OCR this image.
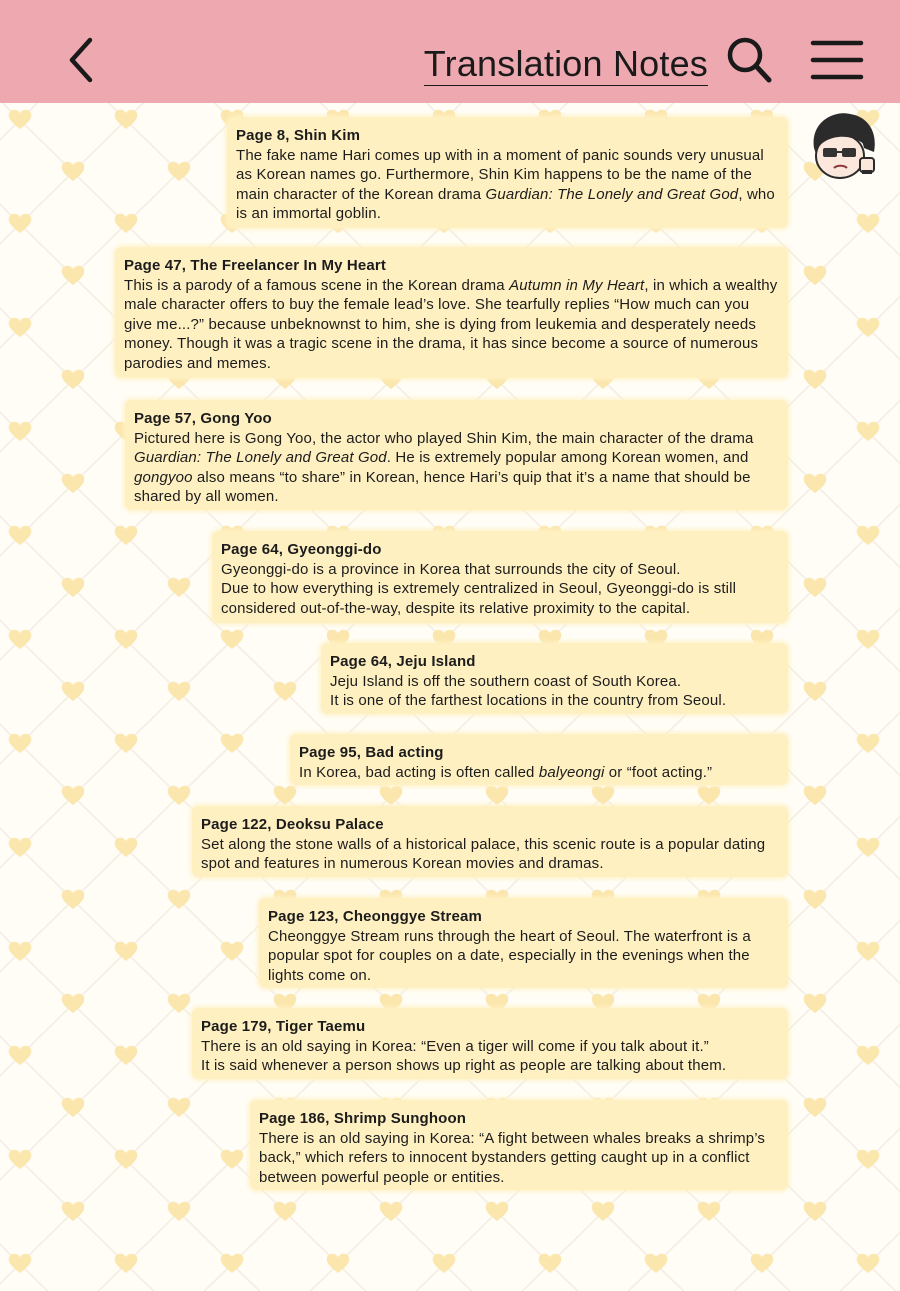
Translation Notes
Page 8, Shin Kim
The fake name Hari comes up with in a moment of panic sounds very unusual as Korean names go. Furthermore, Shin Kim happens to be the name of the main character of the Korean drama Guardian: The Lonely and Great God, who is an immortal goblin.
Page 47, The Freelancer In My Heart
This is a parody of a famous scene in the Korean drama Autumn in My Heart, in which a wealthy male character offers to buy the female lead’s love. She tearfully replies “How much can you give me...?” because unbeknownst to him, she is dying from leukemia and desperately needs money. Though it was a tragic scene in the drama, it has since become a source of numerous parodies and memes.
Page 57, Gong Yoo
Pictured here is Gong Yoo, the actor who played Shin Kim, the main character of the drama Guardian: The Lonely and Great God. He is extremely popular among Korean women, and gongyoo also means “to share” in Korean, hence Hari’s quip that it’s a name that should be shared by all women.
Page 64, Gyeonggi-do
Gyeonggi-do is a province in Korea that surrounds the city of Seoul.
Due to how everything is extremely centralized in Seoul, Gyeonggi-do is still considered out-of-the-way, despite its relative proximity to the capital.
Page 64, Jeju Island
Jeju Island is off the southern coast of South Korea.
It is one of the farthest locations in the country from Seoul.
Page 95, Bad acting
In Korea, bad acting is often called balyeongi or “foot acting.”
Page 122, Deoksu Palace
Set along the stone walls of a historical palace, this scenic route is a popular dating spot and features in numerous Korean movies and dramas.
Page 123, Cheonggye Stream
Cheonggye Stream runs through the heart of Seoul. The waterfront is a popular spot for couples on a date, especially in the evenings when the lights come on.
Page 179, Tiger Taemu
There is an old saying in Korea: “Even a tiger will come if you talk about it.”
It is said whenever a person shows up right as people are talking about them.
Page 186, Shrimp Sunghoon
There is an old saying in Korea: “A fight between whales breaks a shrimp’s back,” which refers to innocent bystanders getting caught up in a conflict between powerful people or entities.
